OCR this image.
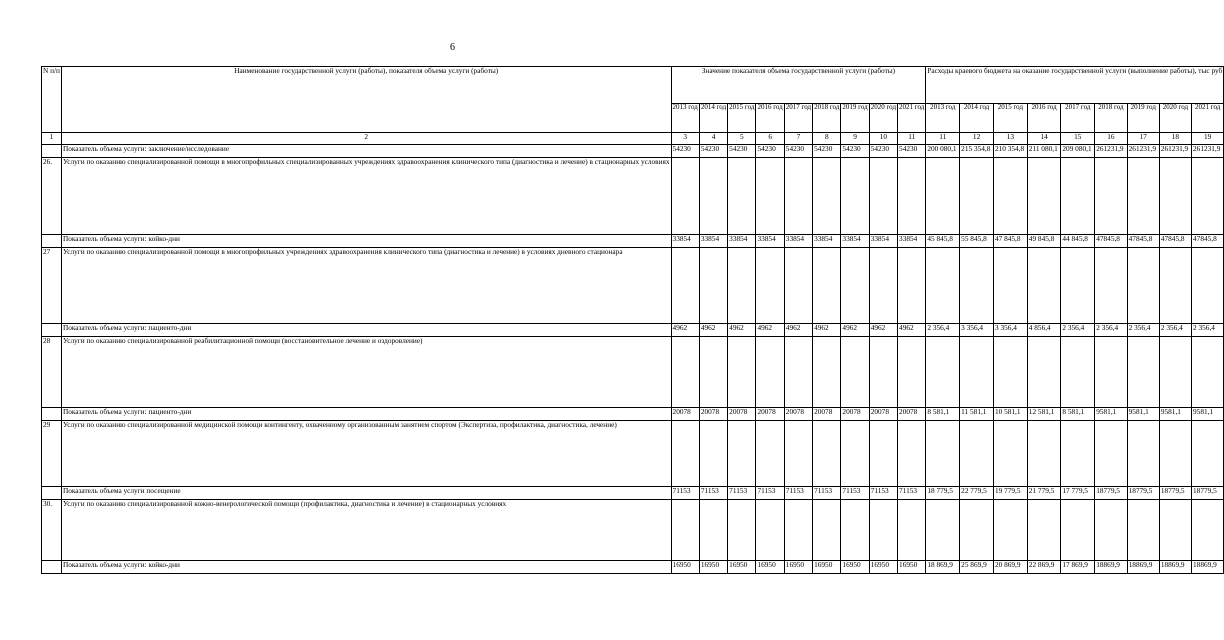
6
N п/п	Наименование государственной услуги (работы), показателя объема услуги (работы)	Значение показателя объема государственной услуги (работы)									Расходы краевого бюджета на оказание государственной услуги (выполнение работы), тыс руб								
		2013 год	2014 год	2015 год	2016 год	2017 год	2018 год	2019 год	2020 год	2021 год	2013 год	2014 год	2015 год	2016 год	2017 год	2018 год	2019 год	2020 год	2021 год
1	2	3	4	5	6	7	8	9	10	11	11	12	13	14	15	16	17	18	19
	Показатель объема услуги: заключение/исследование	54230	54230	54230	54230	54230	54230	54230	54230	54230	200 080,1	215 354,8	210 354,8	211 080,1	209 080,1	261231,9	261231,9	261231,9	261231,9
26.	Услуги по оказанию специализированной помощи в многопрофильных специализированных учреждениях здравоохранения клинического типа (диагностика и лечение) в стационарных условиях																		
	Показатель объема услуги: койко-дни	33854	33854	33854	33854	33854	33854	33854	33854	33854	45 845,8	55 845,8	47 845,8	49 845,8	44 845,8	47845,8	47845,8	47845,8	47845,8
27	Услуги по оказанию специализированной помощи в многопрофильных учреждениях здравоохранения клинического типа (диагностика и лечение) в условиях дневного стационара																		
	Показатель объема услуги: пациенто-дни	4962	4962	4962	4962	4962	4962	4962	4962	4962	2 356,4	3 356,4	3 356,4	4 856,4	2 356,4	2 356,4	2 356,4	2 356,4	2 356,4
28	Услуги по оказанию специализированной реабилитационной помощи (восстановительное лечение и оздоровление)																		
	Показатель объема услуги: пациенто-дни	20078	20078	20078	20078	20078	20078	20078	20078	20078	8 581,1	11 581,1	10 581,1	12 581,1	8 581,1	9581,1	9581,1	9581,1	9581,1
29	Услуги по оказанию специализированной медицинской помощи контингенту, охваченному организованным занятием спортом (Экспертиза, профилактика, диагностика, лечение)																		
	Показатель объема услуги посещение	71153	71153	71153	71153	71153	71153	71153	71153	71153	18 779,5	22 779,5	19 779,5	21 779,5	17 779,5	18779,5	18779,5	18779,5	18779,5
30.	Услуги по оказанию специализированной кожно-венерологической помощи (профилактика, диагностика и лечение) в стационарных условиях																		
	Показатель объема услуги: койко-дни	16950	16950	16950	16950	16950	16950	16950	16950	16950	18 869,9	25 869,9	20 869,9	22 869,9	17 869,9	18869,9	18869,9	18869,9	18869,9
